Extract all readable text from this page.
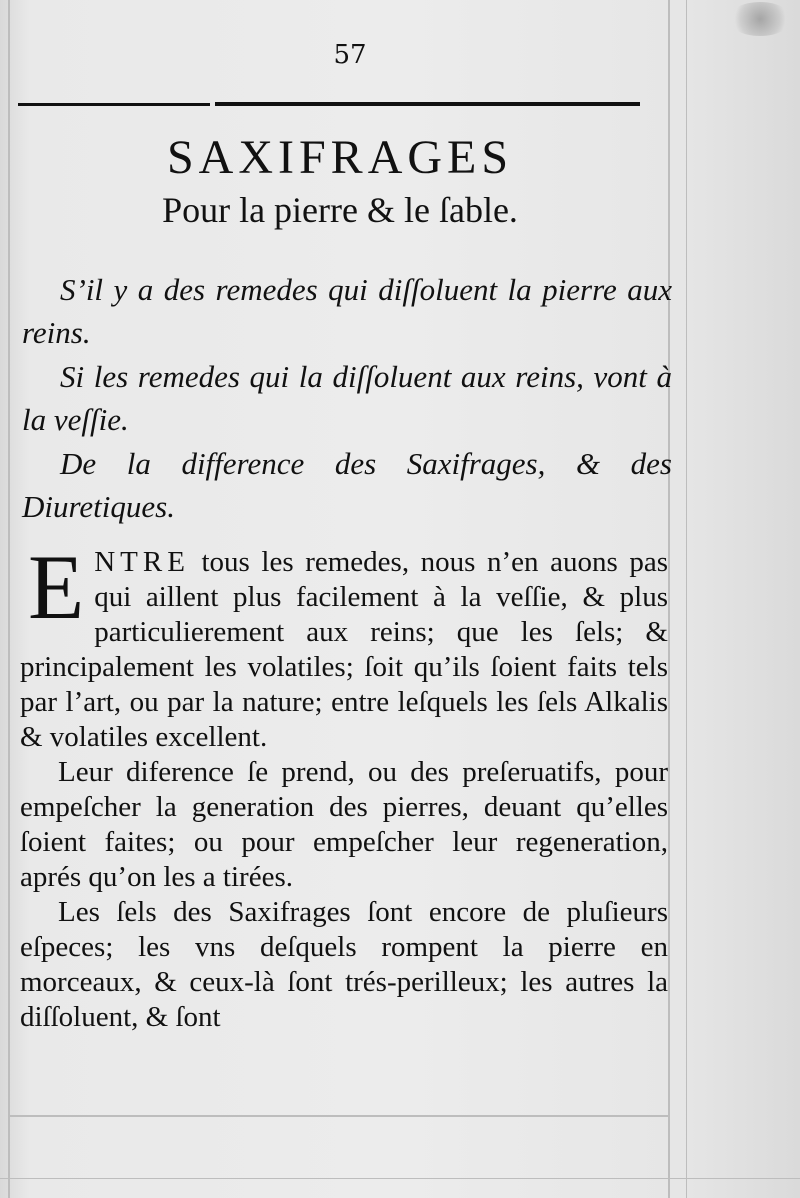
57
SAXIFRAGES
Pour la pierre & le ſable.

S’il y a des remedes qui diſſoluent la pierre aux reins.

Si les remedes qui la diſſoluent aux reins, vont à la veſſie.

De la difference des Saxifrages, & des Diuretiques.

E NTRE tous les remedes, nous n’en auons pas qui aillent plus facilement à la veſſie, & plus particulierement aux reins; que les ſels; & principalement les volatiles; ſoit qu’ils ſoient faits tels par l’art, ou par la nature; entre leſquels les ſels Alkalis & volatiles excellent.

Leur diference ſe prend, ou des preſeruatifs, pour empeſcher la generation des pierres, deuant qu’elles ſoient faites; ou pour empeſcher leur regeneration, aprés qu’on les a tirées.

Les ſels des Saxifrages ſont encore de pluſieurs eſpeces; les vns deſquels rompent la pierre en morceaux, & ceux-là ſont trés-perilleux; les autres la diſſoluent, & ſont
